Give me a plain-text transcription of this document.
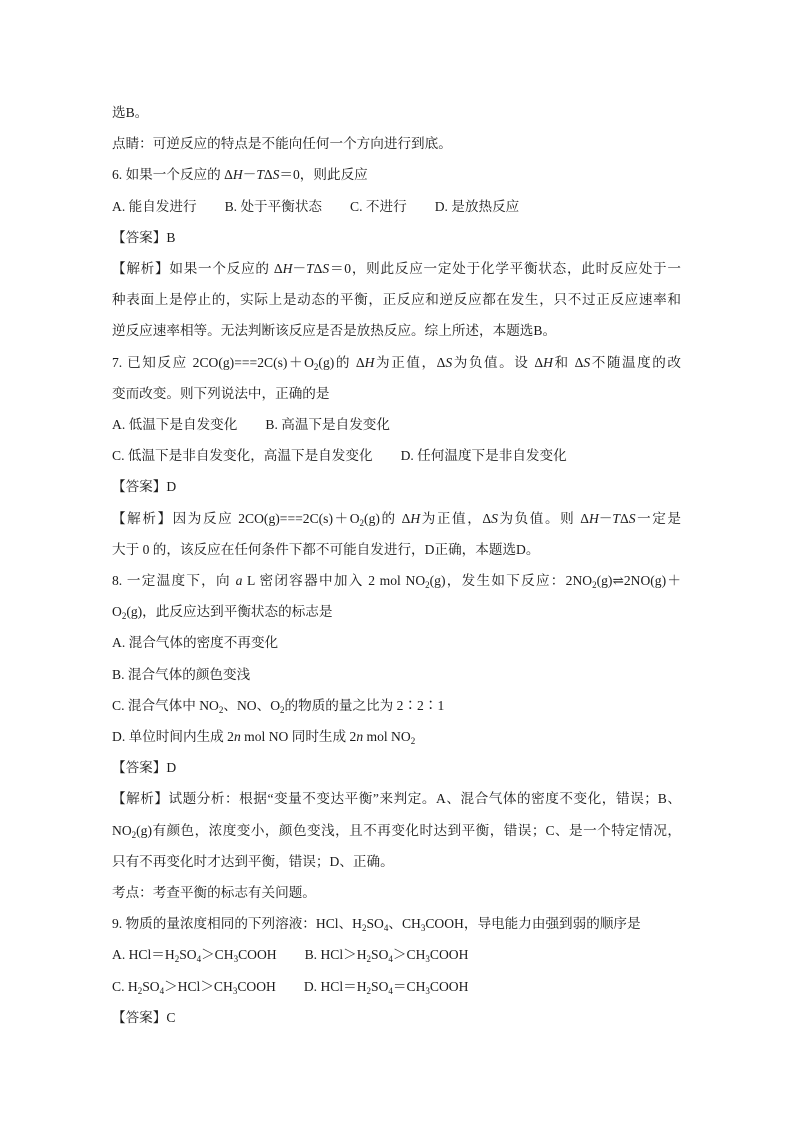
选B。
点睛：可逆反应的特点是不能向任何一个方向进行到底。
6. 如果一个反应的 ΔH－TΔS＝0，则此反应
A. 能自发进行 B. 处于平衡状态 C. 不进行 D. 是放热反应
【答案】B
【解析】如果一个反应的 ΔH－TΔS＝0，则此反应一定处于化学平衡状态，此时反应处于一
种表面上是停止的，实际上是动态的平衡，正反应和逆反应都在发生，只不过正反应速率和
逆反应速率相等。无法判断该反应是否是放热反应。综上所述，本题选B。
7. 已知反应 $2CO(g)===2C(s)+O_2(g)$的 ΔH为正值，ΔS为负值。设 ΔH和 ΔS不随温度的改
变而改变。则下列说法中，正确的是
A. 低温下是自发变化 B. 高温下是自发变化
C. 低温下是非自发变化，高温下是自发变化 D. 任何温度下是非自发变化
【答案】D
【解析】因为反应 $2CO(g)===2C(s)+O_2(g)$的 ΔH为正值，ΔS为负值。则 ΔH－TΔS一定是
大于 0 的，该反应在任何条件下都不可能自发进行，D正确，本题选D。
8. 一定温度下，向 a L 密闭容器中加入 2 mol $NO_2(g)$，发生如下反应：$2NO_2(g)\rightleftharpoons 2NO(g)+$
$O_2(g)$，此反应达到平衡状态的标志是
A. 混合气体的密度不再变化
B. 混合气体的颜色变浅
C. 混合气体中 $NO_2$、NO、$O_2$的物质的量之比为 2∶2∶1
D. 单位时间内生成 2n mol NO 同时生成 2n mol $NO_2$
【答案】D
【解析】试题分析：根据“变量不变达平衡”来判定。A、混合气体的密度不变化，错误；B、
$NO_2(g)$有颜色，浓度变小，颜色变浅，且不再变化时达到平衡，错误；C、是一个特定情况，
只有不再变化时才达到平衡，错误；D、正确。
考点：考查平衡的标志有关问题。
9. 物质的量浓度相同的下列溶液：HCl、$H_2SO_4$、$CH_3COOH$，导电能力由强到弱的顺序是
A. $HCl=H_2SO_4>CH_3COOH$ B. $HCl>H_2SO_4>CH_3COOH$
C. $H_2SO_4>HCl>CH_3COOH$ D. $HCl=H_2SO_4=CH_3COOH$
【答案】C
